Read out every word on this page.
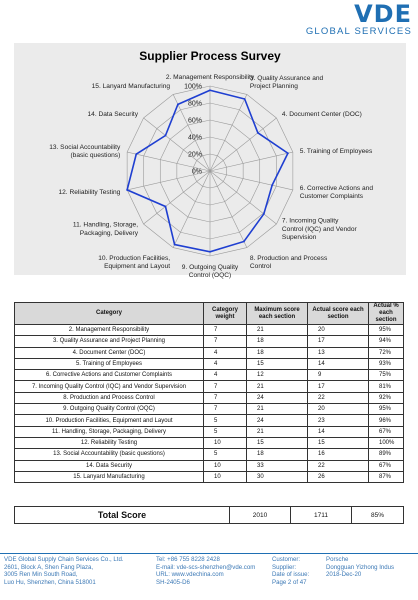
VDE
GLOBAL SERVICES
Supplier Process Survey
0%
20%
40%
60%
80%
100%
2. Management Responsibility
3. Quality Assurance and Project Planning
4. Document Center (DOC)
5. Training of Employees
6. Corrective Actions and Customer Complaints
7. Incoming Quality Control (IQC) and Vendor Supervision
8. Production and Process Control
9. Outgoing Quality Control (OQC)
10. Production Facilities, Equipment and Layout
11. Handling, Storage, Packaging, Delivery
12. Reliability Testing
13. Social Accountability (basic questions)
14. Data Security
15. Lanyard Manufacturing
Category	Category weight	Maximum score each section	Actual score each section	Actual % each section
2. Management Responsibility	7	21	20	95%
3. Quality Assurance and Project Planning	7	18	17	94%
4. Document Center (DOC)	4	18	13	72%
5. Training of Employees	4	15	14	93%
6. Corrective Actions and Customer Complaints	4	12	9	75%
7. Incoming Quality Control (IQC) and Vendor Supervision	7	21	17	81%
8. Production and Process Control	7	24	22	92%
9. Outgoing Quality Control (OQC)	7	21	20	95%
10. Production Facilities, Equipment and Layout	5	24	23	96%
11. Handling, Storage, Packaging, Delivery	5	21	14	67%
12. Reliability Testing	10	15	15	100%
13. Social Accountability (basic questions)	5	18	16	89%
14. Data Security	10	33	22	67%
15. Lanyard Manufacturing	10	30	26	87%
Total Score	2010	1711	85%
VDE Global Supply Chain Services Co., Ltd.
2601, Block A, Shen Fang Plaza,
3005 Ren Min South Road,
Luo Hu, Shenzhen, China 518001
Tel: +86 755 8228 2428
E-mail: vde-scs-shenzhen@vde.com
URL: www.vdechina.com
SH-2405-D6
Customer:
Supplier:
Date of issue:
Page 2 of 47
Porsche
Dongguan Yizhong Indus
2018-Dec-20
